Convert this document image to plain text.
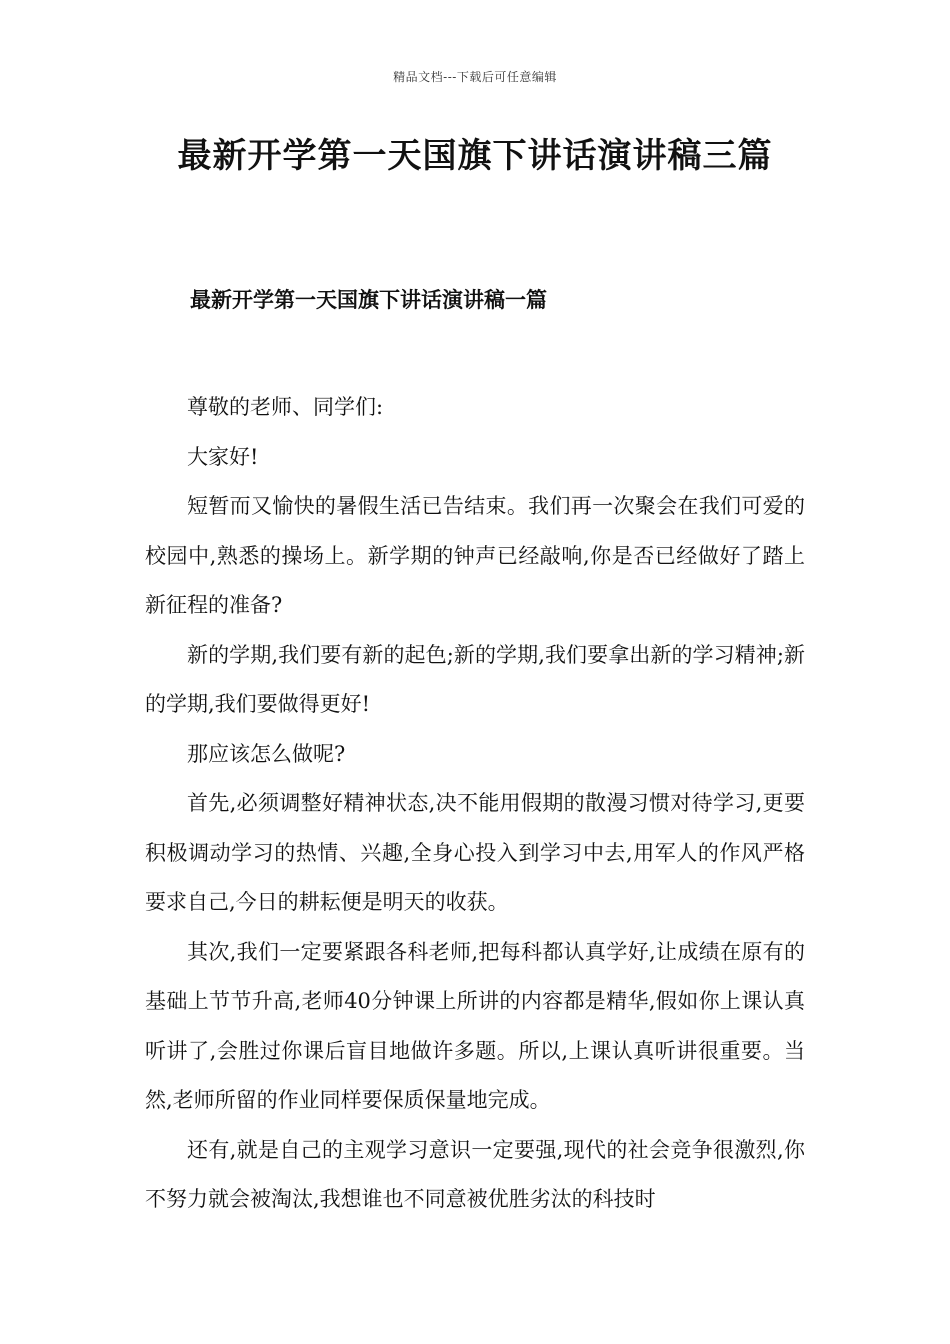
精品文档---下载后可任意编辑
最新开学第一天国旗下讲话演讲稿三篇
最新开学第一天国旗下讲话演讲稿一篇

尊敬的老师、同学们:

大家好!

短暂而又愉快的暑假生活已告结束。我们再一次聚会在我们可爱的校园中,熟悉的操场上。新学期的钟声已经敲响,你是否已经做好了踏上新征程的准备?

新的学期,我们要有新的起色;新的学期,我们要拿出新的学习精神;新的学期,我们要做得更好!

那应该怎么做呢?

首先,必须调整好精神状态,决不能用假期的散漫习惯对待学习,更要积极调动学习的热情、兴趣,全身心投入到学习中去,用军人的作风严格要求自己,今日的耕耘便是明天的收获。

其次,我们一定要紧跟各科老师,把每科都认真学好,让成绩在原有的基础上节节升高,老师40分钟课上所讲的内容都是精华,假如你上课认真听讲了,会胜过你课后盲目地做许多题。所以,上课认真听讲很重要。当然,老师所留的作业同样要保质保量地完成。

还有,就是自己的主观学习意识一定要强,现代的社会竞争很激烈,你不努力就会被淘汰,我想谁也不同意被优胜劣汰的科技时
